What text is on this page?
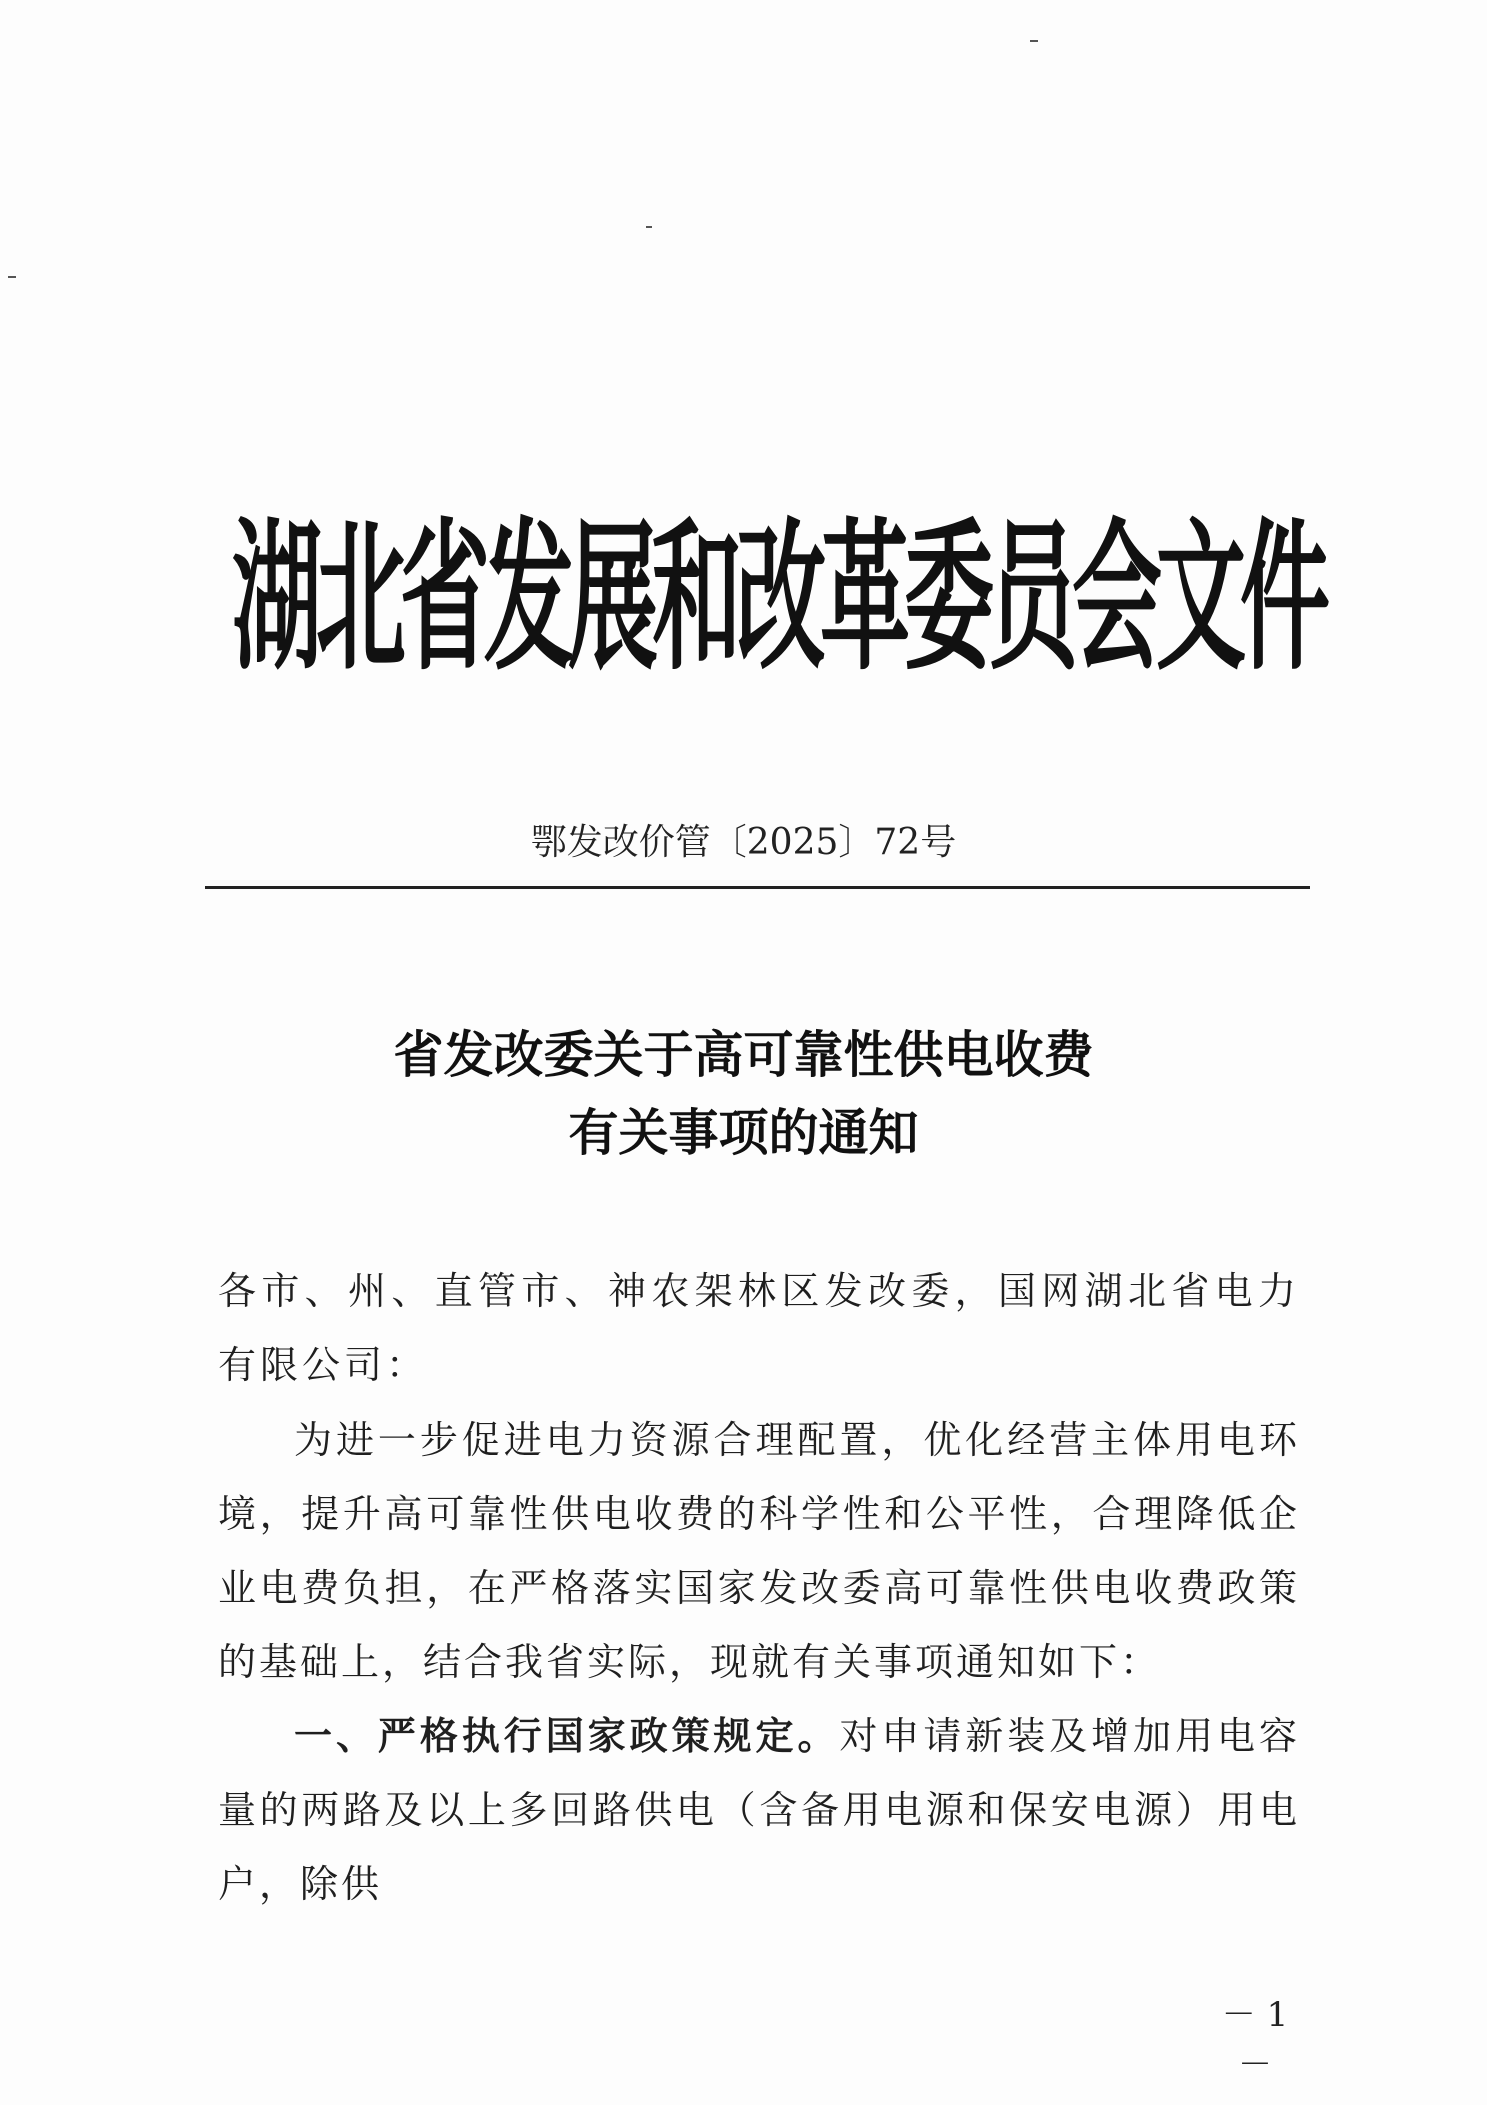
湖北省发展和改革委员会文件
鄂发改价管〔2025〕72号
省发改委关于高可靠性供电收费
有关事项的通知
各市、州、直管市、神农架林区发改委，国网湖北省电力有限公司：
为进一步促进电力资源合理配置，优化经营主体用电环境，提升高可靠性供电收费的科学性和公平性，合理降低企业电费负担，在严格落实国家发改委高可靠性供电收费政策的基础上，结合我省实际，现就有关事项通知如下：
一、严格执行国家政策规定。对申请新装及增加用电容量的两路及以上多回路供电（含备用电源和保安电源）用电户，除供
－ 1 －
